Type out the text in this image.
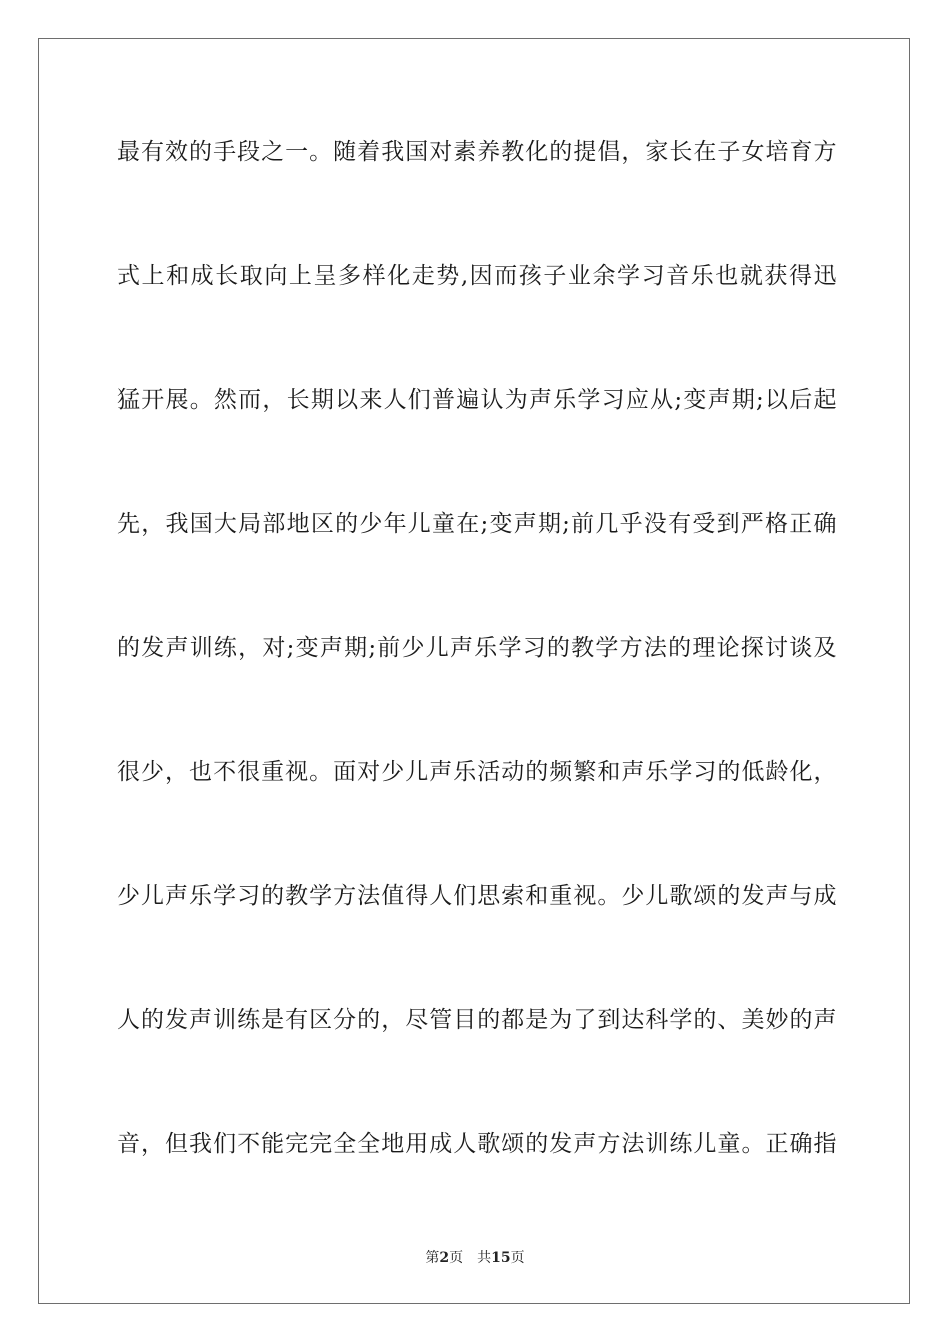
最有效的手段之一。随着我国对素养教化的提倡，家长在子女培育方
式上和成长取向上呈多样化走势,因而孩子业余学习音乐也就获得迅
猛开展。然而，长期以来人们普遍认为声乐学习应从;变声期;以后起
先，我国大局部地区的少年儿童在;变声期;前几乎没有受到严格正确
的发声训练，对;变声期;前少儿声乐学习的教学方法的理论探讨谈及
很少，也不很重视。面对少儿声乐活动的频繁和声乐学习的低龄化，
少儿声乐学习的教学方法值得人们思索和重视。少儿歌颂的发声与成
人的发声训练是有区分的，尽管目的都是为了到达科学的、美妙的声
音，但我们不能完完全全地用成人歌颂的发声方法训练儿童。正确指
第2页 共15页
